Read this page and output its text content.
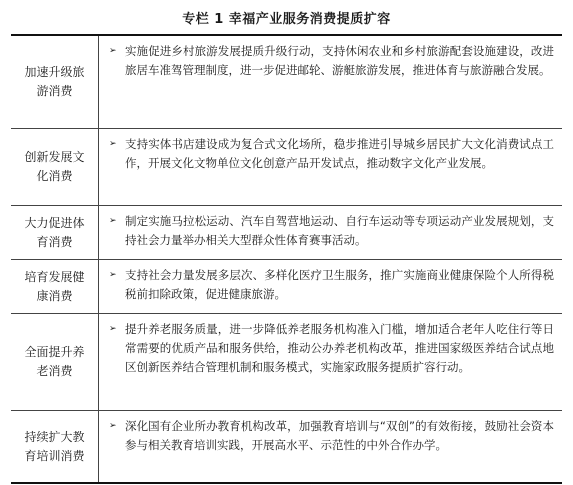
专栏 1 幸福产业服务消费提质扩容
加速升级旅游消费
➢ 实施促进乡村旅游发展提质升级行动，支持休闲农业和乡村旅游配套设施建设，改进旅居车准驾管理制度，进一步促进邮轮、游艇旅游发展，推进体育与旅游融合发展。
创新发展文化消费
➢ 支持实体书店建设成为复合式文化场所，稳步推进引导城乡居民扩大文化消费试点工作，开展文化文物单位文化创意产品开发试点，推动数字文化产业发展。
大力促进体育消费
➢ 制定实施马拉松运动、汽车自驾营地运动、自行车运动等专项运动产业发展规划，支持社会力量举办相关大型群众性体育赛事活动。
培育发展健康消费
➢ 支持社会力量发展多层次、多样化医疗卫生服务，推广实施商业健康保险个人所得税税前扣除政策，促进健康旅游。
全面提升养老消费
➢ 提升养老服务质量，进一步降低养老服务机构准入门槛，增加适合老年人吃住行等日常需要的优质产品和服务供给，推动公办养老机构改革，推进国家级医养结合试点地区创新医养结合管理机制和服务模式，实施家政服务提质扩容行动。
持续扩大教育培训消费
➢ 深化国有企业所办教育机构改革，加强教育培训与“双创”的有效衔接，鼓励社会资本参与相关教育培训实践，开展高水平、示范性的中外合作办学。
